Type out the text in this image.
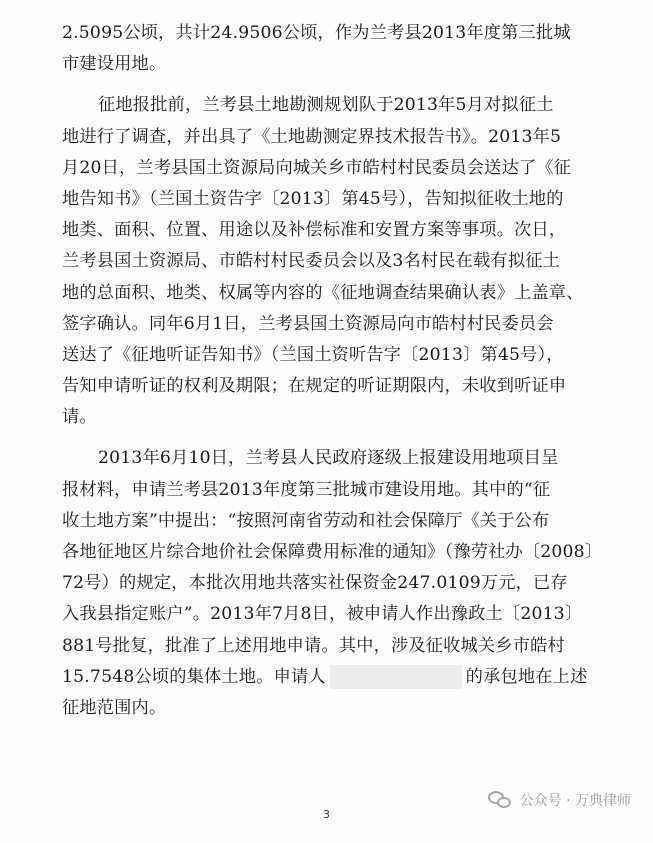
2.5095公顷，共计24.9506公顷，作为兰考县2013年度第三批城
市建设用地。
征地报批前，兰考县土地勘测规划队于2013年5月对拟征土
地进行了调查，并出具了《土地勘测定界技术报告书》。2013年5
月20日，兰考县国土资源局向城关乡市皓村村民委员会送达了《征
地告知书》（兰国土资告字〔2013〕第45号），告知拟征收土地的
地类、面积、位置、用途以及补偿标准和安置方案等事项。次日，
兰考县国土资源局、市皓村村民委员会以及3名村民在载有拟征土
地的总面积、地类、权属等内容的《征地调查结果确认表》上盖章、
签字确认。同年6月1日，兰考县国土资源局向市皓村村民委员会
送达了《征地听证告知书》（兰国土资听告字〔2013〕第45号），
告知申请听证的权利及期限；在规定的听证期限内，未收到听证申
请。
2013年6月10日，兰考县人民政府逐级上报建设用地项目呈
报材料，申请兰考县2013年度第三批城市建设用地。其中的“征
收土地方案”中提出：“按照河南省劳动和社会保障厅《关于公布
各地征地区片综合地价社会保障费用标准的通知》（豫劳社办〔2008〕
72号）的规定，本批次用地共落实社保资金247.0109万元，已存
入我县指定账户”。2013年7月8日，被申请人作出豫政土〔2013〕
881号批复，批准了上述用地申请。其中，涉及征收城关乡市皓村
15.7548公顷的集体土地。申请人	的承包地在上述
征地范围内。
公众号 · 万典律师
3
